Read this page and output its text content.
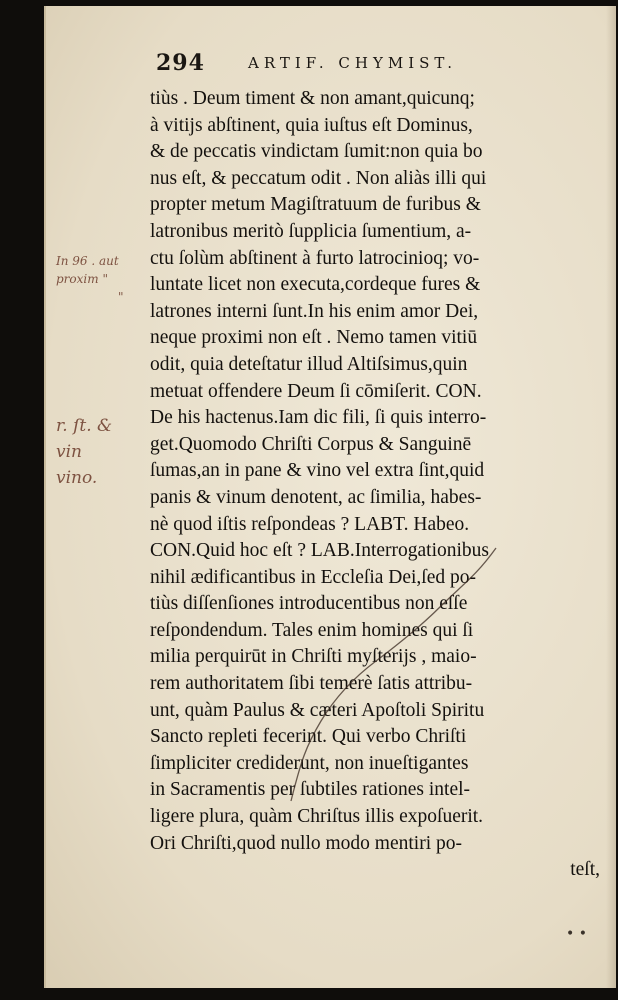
294	ARTIF. CHYMIST.
tiùs . Deum timent & non amant,quicunq;
à vitijs abſtinent, quia iuſtus eſt Dominus,
& de peccatis vindictam ſumit:non quia bo
nus eſt, & peccatum odit . Non aliàs illi qui
propter metum Magiſtratuum de furibus &
latronibus meritò ſupplicia ſumentium, a-
ctu ſolùm abſtinent à furto latrocinioq; vo-
luntate licet non executa,cordeque fures &
latrones interni ſunt.In his enim amor Dei,
neque proximi non eſt . Nemo tamen vitiū
odit, quia deteſtatur illud Altiſsimus,quin
metuat offendere Deum ſi cōmiſerit. CON.
De his hactenus.Iam dic fili, ſi quis interro-
get.Quomodo Chriſti Corpus & Sanguinē
ſumas,an in pane & vino vel extra ſint,quid
panis & vinum denotent, ac ſimilia, habes-
nè quod iſtis reſpondeas ? LABT. Habeo.
CON.Quid hoc eſt ? LAB.Interrogationibus
nihil ædificantibus in Eccleſia Dei,ſed po-
tiùs diſſenſiones introducentibus non eſſe
reſpondendum. Tales enim homines qui ſi
milia perquirūt in Chriſti myſterijs , maio-
rem authoritatem ſibi temerè ſatis attribu-
unt, quàm Paulus & cæteri Apoſtoli Spiritu
Sancto repleti fecerint. Qui verbo Chriſti
ſimpliciter crediderunt, non inueſtigantes
in Sacramentis per ſubtiles rationes intel-
ligere plura, quàm Chriſtus illis expoſuerit.
Ori Chriſti,quod nullo modo mentiri po-
teſt,
In 96 . aut
proxim "
"
r. ſt. &
vin
vino.
• •
